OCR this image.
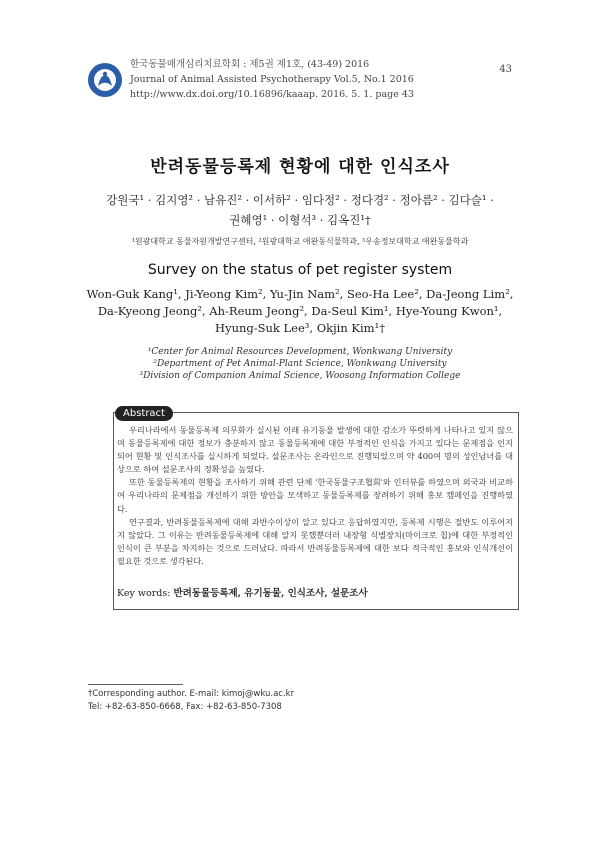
한국동물매개심리치료학회 : 제5권 제1호, (43-49) 2016
Journal of Animal Assisted Psychotherapy Vol.5, No.1 2016
http://www.dx.doi.org/10.16896/kaaap. 2016. 5. 1. page 43
43
반려동물등록제 현황에 대한 인식조사
강원국¹ · 김지영² · 남유진² · 이서하² · 임다정² · 정다경² · 정아름² · 김다슬¹ ·
권혜영¹ · 이형석³ · 김옥진¹†
¹원광대학교 동물자원개발연구센터, ²원광대학교 애완동식물학과, ³우송정보대학교 애완동물학과
Survey on the status of pet register system
Won-Guk Kang¹, Ji-Yeong Kim², Yu-Jin Nam², Seo-Ha Lee², Da-Jeong Lim²,
Da-Kyeong Jeong², Ah-Reum Jeong², Da-Seul Kim¹, Hye-Young Kwon¹,
Hyung-Suk Lee³, Okjin Kim¹†
¹Center for Animal Resources Development, Wonkwang University
²Department of Pet Animal-Plant Science, Wonkwang University
³Division of Companion Animal Science, Woosong Information College
Abstract

우리나라에서 동물등록제 의무화가 실시된 이래 유기동물 발생에 대한 감소가 뚜렷하게 나타나고 있지 않으며 동물등록제에 대한 정보가 충분하지 않고 동물등록제에 대한 부정적인 인식을 가지고 있다는 문제점을 인지되어 현황 및 인식조사를 실시하게 되었다. 설문조사는 온라인으로 진행되었으며 약 400여 명의 성인남녀를 대상으로 하여 설문조사의 정확성을 높였다.

또한 동물등록제의 현황을 조사하기 위해 관련 단체 '한국동물구조협회'와 인터뷰를 하였으며 외국과 비교하여 우리나라의 문제점을 개선하기 위한 방안을 모색하고 동물등록제를 장려하기 위해 홍보 캠페인을 진행하였다.

연구결과, 반려동물등록제에 대해 과반수이상이 알고 있다고 응답하였지만, 등록제 시행은 절반도 이루어지지 않았다. 그 이유는 반려동물등록제에 대해 알지 못했뿐더러 내장형 식별장치(마이크로 칩)에 대한 부정적인 인식이 큰 부분을 차지하는 것으로 드러났다. 따라서 반려동물등록제에 대한 보다 적극적인 홍보와 인식개선이 필요한 것으로 생각된다.

Key words: 반려동물등록제, 유기동물, 인식조사, 설문조사
†Corresponding author. E-mail: kimoj@wku.ac.kr
Tel: +82-63-850-6668, Fax: +82-63-850-7308
